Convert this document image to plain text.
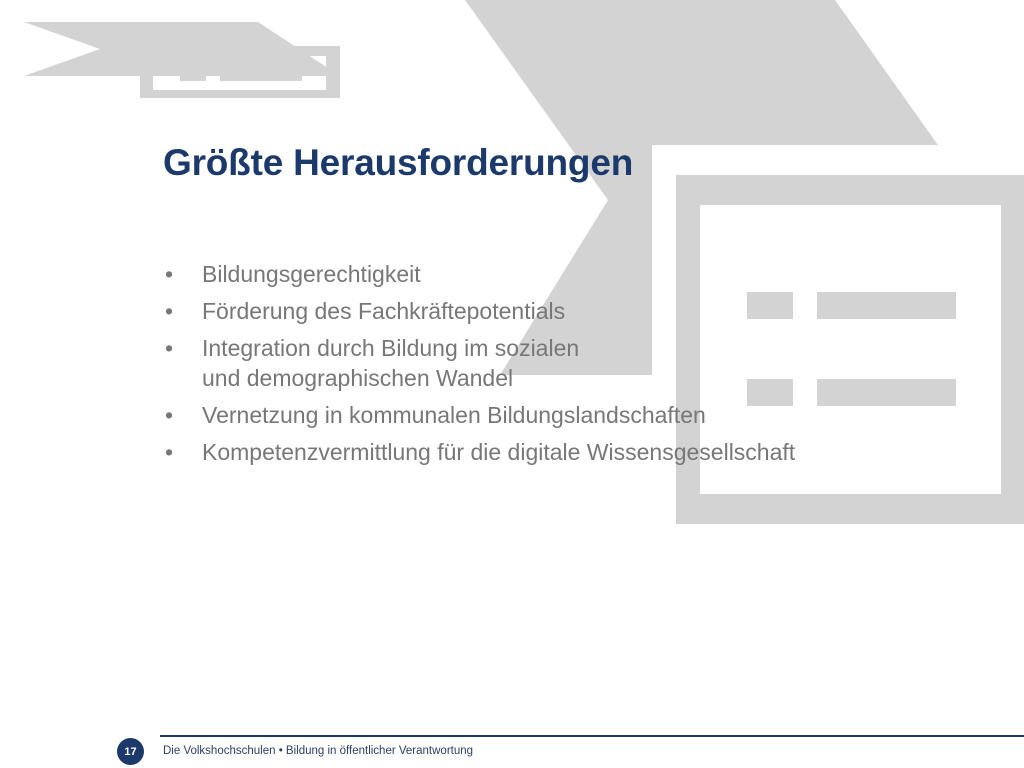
Größte Herausforderungen
• Bildungsgerechtigkeit
• Förderung des Fachkräftepotentials
• Integration durch Bildung im sozialen
und demographischen Wandel
• Vernetzung in kommunalen Bildungslandschaften
• Kompetenzvermittlung für die digitale Wissensgesellschaft
17	Die Volkshochschulen • Bildung in öffentlicher Verantwortung
